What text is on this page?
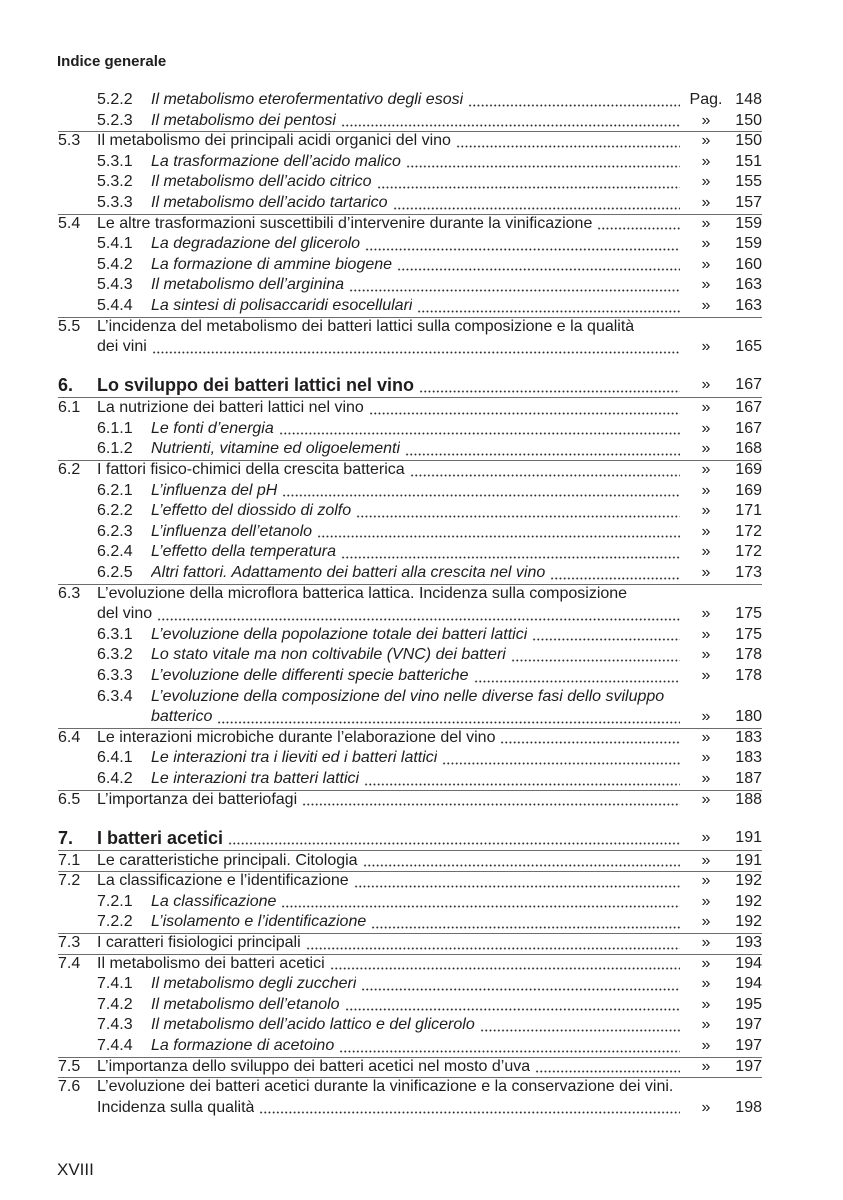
Indice generale
5.2.2	Il metabolismo eterofermentativo degli esosi	Pag. 148
5.2.3	Il metabolismo dei pentosi	»	150
5.3	Il metabolismo dei principali acidi organici del vino	»	150
5.3.1	La trasformazione dell’acido malico	»	151
5.3.2	Il metabolismo dell’acido citrico	»	155
5.3.3	Il metabolismo dell’acido tartarico	»	157
5.4	Le altre trasformazioni suscettibili d’intervenire durante la vinificazione	»	159
5.4.1	La degradazione del glicerolo	»	159
5.4.2	La formazione di ammine biogene	»	160
5.4.3	Il metabolismo dell’arginina	»	163
5.4.4	La sintesi di polisaccaridi esocellulari	»	163
5.5	L’incidenza del metabolismo dei batteri lattici sulla composizione e la qualità
dei vini	»	165
6.	Lo sviluppo dei batteri lattici nel vino	»	167
6.1	La nutrizione dei batteri lattici nel vino	»	167
6.1.1	Le fonti d’energia	»	167
6.1.2	Nutrienti, vitamine ed oligoelementi	»	168
6.2	I fattori fisico-chimici della crescita batterica	»	169
6.2.1	L’influenza del pH	»	169
6.2.2	L’effetto del diossido di zolfo	»	171
6.2.3	L’influenza dell’etanolo	»	172
6.2.4	L’effetto della temperatura	»	172
6.2.5	Altri fattori. Adattamento dei batteri alla crescita nel vino	»	173
6.3	L’evoluzione della microflora batterica lattica. Incidenza sulla composizione
del vino	»	175
6.3.1	L’evoluzione della popolazione totale dei batteri lattici	»	175
6.3.2	Lo stato vitale ma non coltivabile (VNC) dei batteri	»	178
6.3.3	L’evoluzione delle differenti specie batteriche	»	178
6.3.4	L’evoluzione della composizione del vino nelle diverse fasi dello sviluppo
batterico	»	180
6.4	Le interazioni microbiche durante l’elaborazione del vino	»	183
6.4.1	Le interazioni tra i lieviti ed i batteri lattici	»	183
6.4.2	Le interazioni tra batteri lattici	»	187
6.5	L’importanza dei batteriofagi	»	188
7.	I batteri acetici	»	191
7.1	Le caratteristiche principali. Citologia	»	191
7.2	La classificazione e l’identificazione	»	192
7.2.1	La classificazione	»	192
7.2.2	L’isolamento e l’identificazione	»	192
7.3	I caratteri fisiologici principali	»	193
7.4	Il metabolismo dei batteri acetici	»	194
7.4.1	Il metabolismo degli zuccheri	»	194
7.4.2	Il metabolismo dell’etanolo	»	195
7.4.3	Il metabolismo dell’acido lattico e del glicerolo	»	197
7.4.4	La formazione di acetoino	»	197
7.5	L’importanza dello sviluppo dei batteri acetici nel mosto d’uva	»	197
7.6	L’evoluzione dei batteri acetici durante la vinificazione e la conservazione dei vini.
Incidenza sulla qualità	»	198
XVIII
